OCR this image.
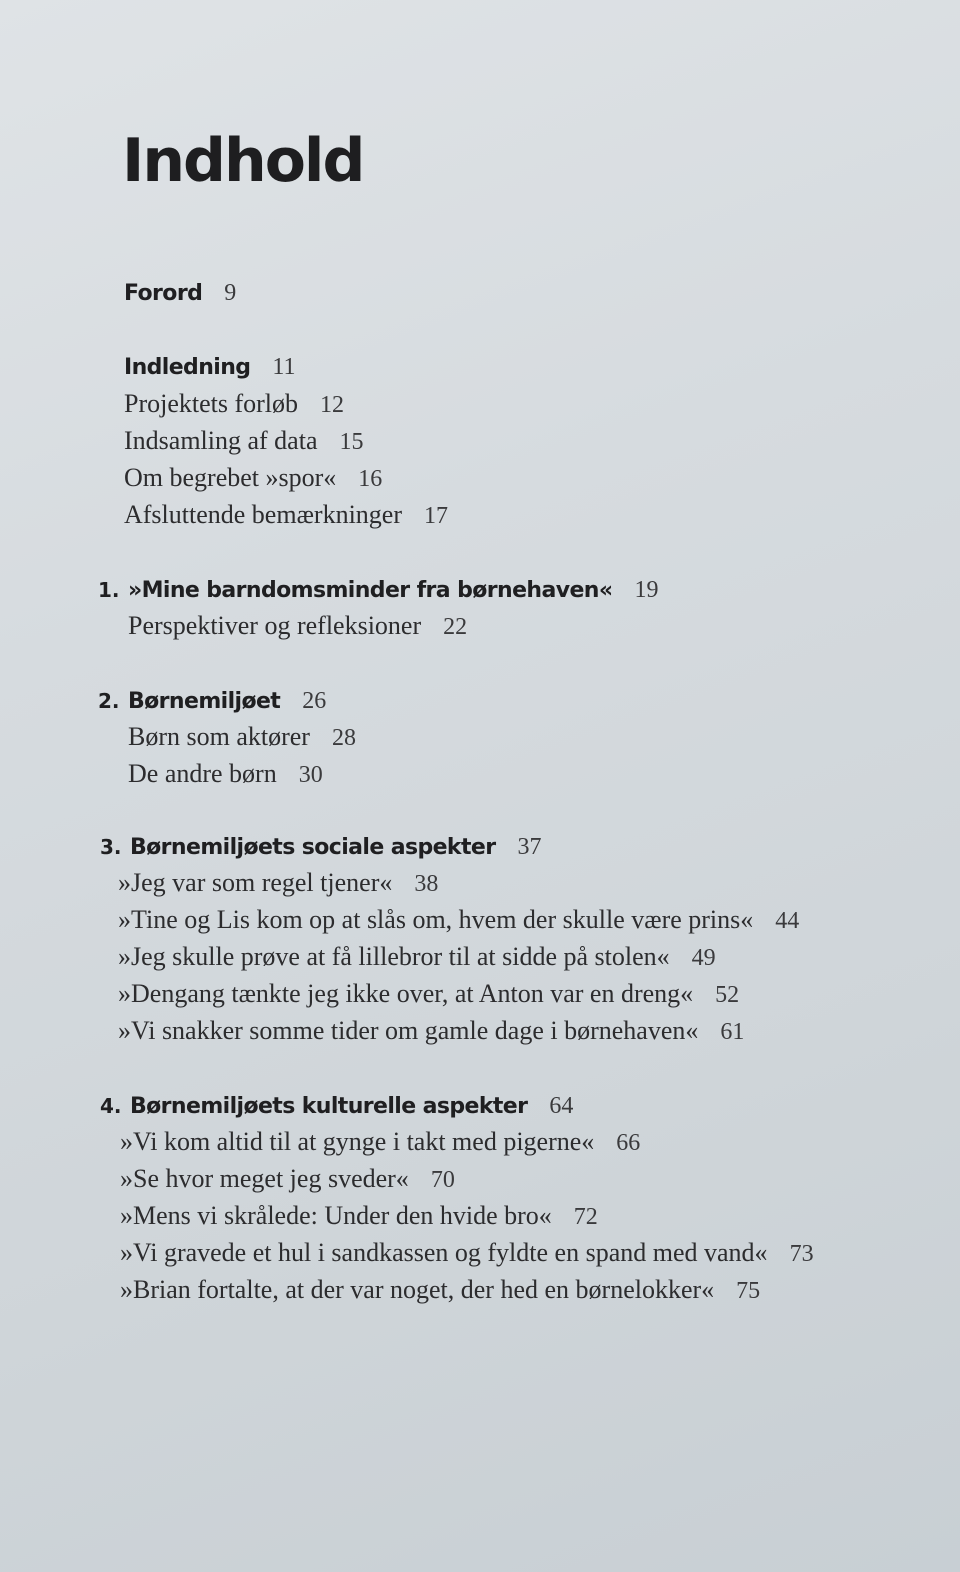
Indhold
Forord 9
Indledning 11
Projektets forløb 12
Indsamling af data 15
Om begrebet »spor« 16
Afsluttende bemærkninger 17
1. »Mine barndomsminder fra børnehaven« 19
Perspektiver og refleksioner 22
2. Børnemiljøet 26
Børn som aktører 28
De andre børn 30
3. Børnemiljøets sociale aspekter 37
»Jeg var som regel tjener« 38
»Tine og Lis kom op at slås om, hvem der skulle være prins« 44
»Jeg skulle prøve at få lillebror til at sidde på stolen« 49
»Dengang tænkte jeg ikke over, at Anton var en dreng« 52
»Vi snakker somme tider om gamle dage i børnehaven« 61
4. Børnemiljøets kulturelle aspekter 64
»Vi kom altid til at gynge i takt med pigerne« 66
»Se hvor meget jeg sveder« 70
»Mens vi skrålede: Under den hvide bro« 72
»Vi gravede et hul i sandkassen og fyldte en spand med vand« 73
»Brian fortalte, at der var noget, der hed en børnelokker« 75
